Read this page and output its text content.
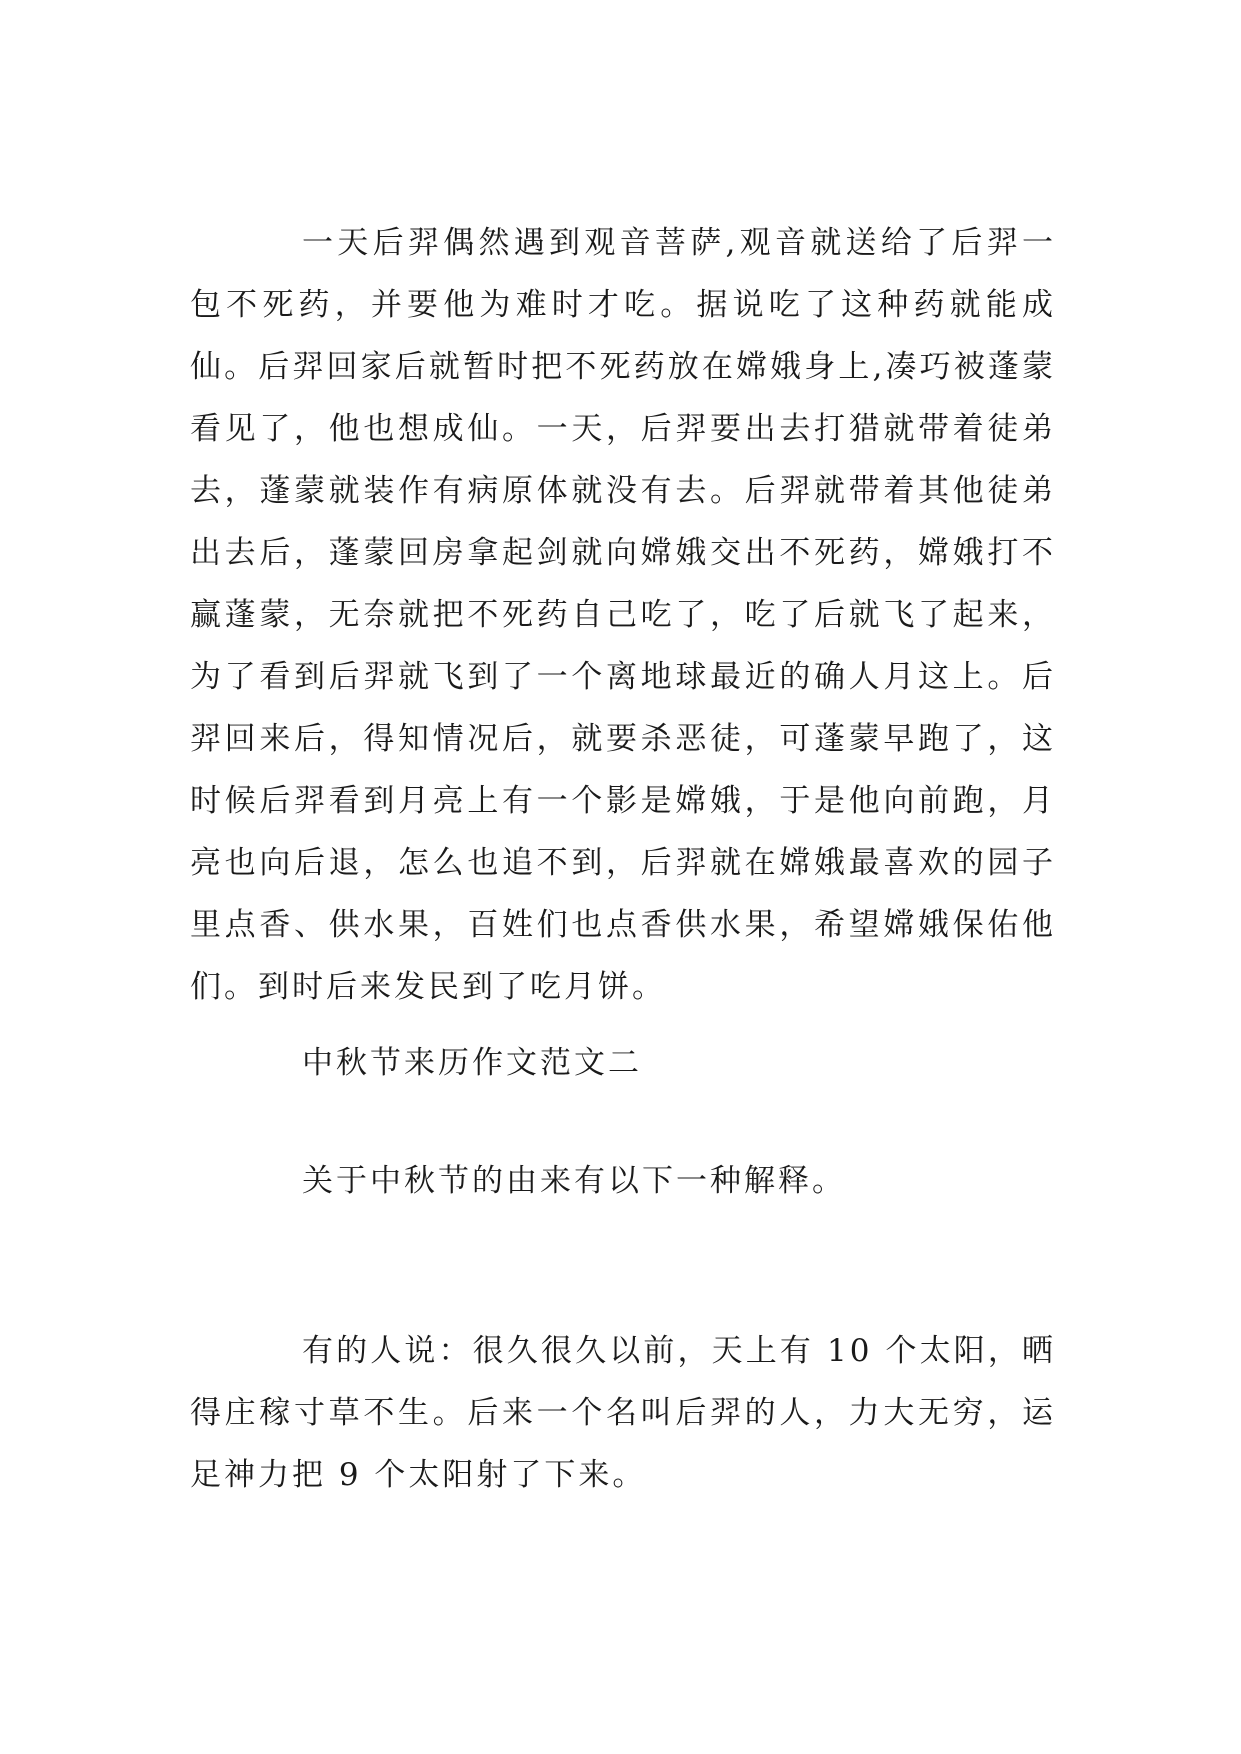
一天后羿偶然遇到观音菩萨,观音就送给了后羿一包不死药，并要他为难时才吃。据说吃了这种药就能成仙。后羿回家后就暂时把不死药放在嫦娥身上,凑巧被蓬蒙看见了，他也想成仙。一天，后羿要出去打猎就带着徒弟去，蓬蒙就装作有病原体就没有去。后羿就带着其他徒弟出去后，蓬蒙回房拿起剑就向嫦娥交出不死药，嫦娥打不赢蓬蒙，无奈就把不死药自己吃了，吃了后就飞了起来，为了看到后羿就飞到了一个离地球最近的确人月这上。后羿回来后，得知情况后，就要杀恶徒，可蓬蒙早跑了，这时候后羿看到月亮上有一个影是嫦娥，于是他向前跑，月亮也向后退，怎么也追不到，后羿就在嫦娥最喜欢的园子里点香、供水果，百姓们也点香供水果，希望嫦娥保佑他们。到时后来发民到了吃月饼。

中秋节来历作文范文二

关于中秋节的由来有以下一种解释。

有的人说：很久很久以前，天上有 10 个太阳，晒得庄稼寸草不生。后来一个名叫后羿的人，力大无穷，运足神力把 9 个太阳射了下来。
